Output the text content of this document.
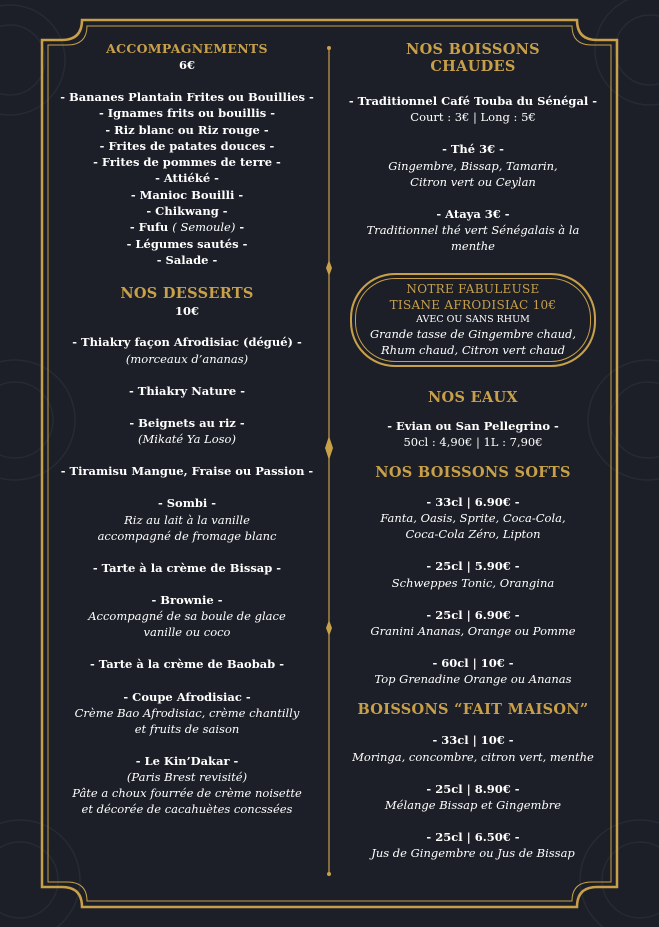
ACCOMPAGNEMENTS
6€
- Bananes Plantain Frites ou Bouillies -
- Ignames frits ou bouillis -
- Riz blanc ou Riz rouge -
- Frites de patates douces -
- Frites de pommes de terre -
- Attiéké -
- Manioc Bouilli -
- Chikwang -
- Fufu ( Semoule) -
- Légumes sautés -
- Salade -
NOS DESSERTS
10€
- Thiakry façon Afrodisiac (dégué) -
(morceaux d’ananas)
- Thiakry Nature -
- Beignets au riz -
(Mikaté Ya Loso)
- Tiramisu Mangue, Fraise ou Passion -
- Sombi -
Riz au lait à la vanille
accompagné de fromage blanc
- Tarte à la crème de Bissap -
- Brownie -
Accompagné de sa boule de glace
vanille ou coco
- Tarte à la crème de Baobab -
- Coupe Afrodisiac -
Crème Bao Afrodisiac, crème chantilly
et fruits de saison
- Le Kin’Dakar -
(Paris Brest revisité)
Pâte a choux fourrée de crème noisette
et décorée de cacahuètes concssées
NOS BOISSONS
CHAUDES
- Traditionnel Café Touba du Sénégal -
Court : 3€ | Long : 5€
- Thé 3€ -
Gingembre, Bissap, Tamarin,
Citron vert ou Ceylan
- Ataya 3€ -
Traditionnel thé vert Sénégalais à la menthe
NOTRE FABULEUSE
TISANE AFRODISIAC 10€
AVEC OU SANS RHUM
Grande tasse de Gingembre chaud,
Rhum chaud, Citron vert chaud
NOS EAUX
- Evian ou San Pellegrino -
50cl : 4,90€ | 1L : 7,90€
NOS BOISSONS SOFTS
- 33cl | 6.90€ -
Fanta, Oasis, Sprite, Coca-Cola,
Coca-Cola Zéro, Lipton
- 25cl | 5.90€ -
Schweppes Tonic, Orangina
- 25cl | 6.90€ -
Granini Ananas, Orange ou Pomme
- 60cl | 10€ -
Top Grenadine Orange ou Ananas
BOISSONS “FAIT MAISON”
- 33cl | 10€ -
Moringa, concombre, citron vert, menthe
- 25cl | 8.90€ -
Mélange Bissap et Gingembre
- 25cl | 6.50€ -
Jus de Gingembre ou Jus de Bissap
